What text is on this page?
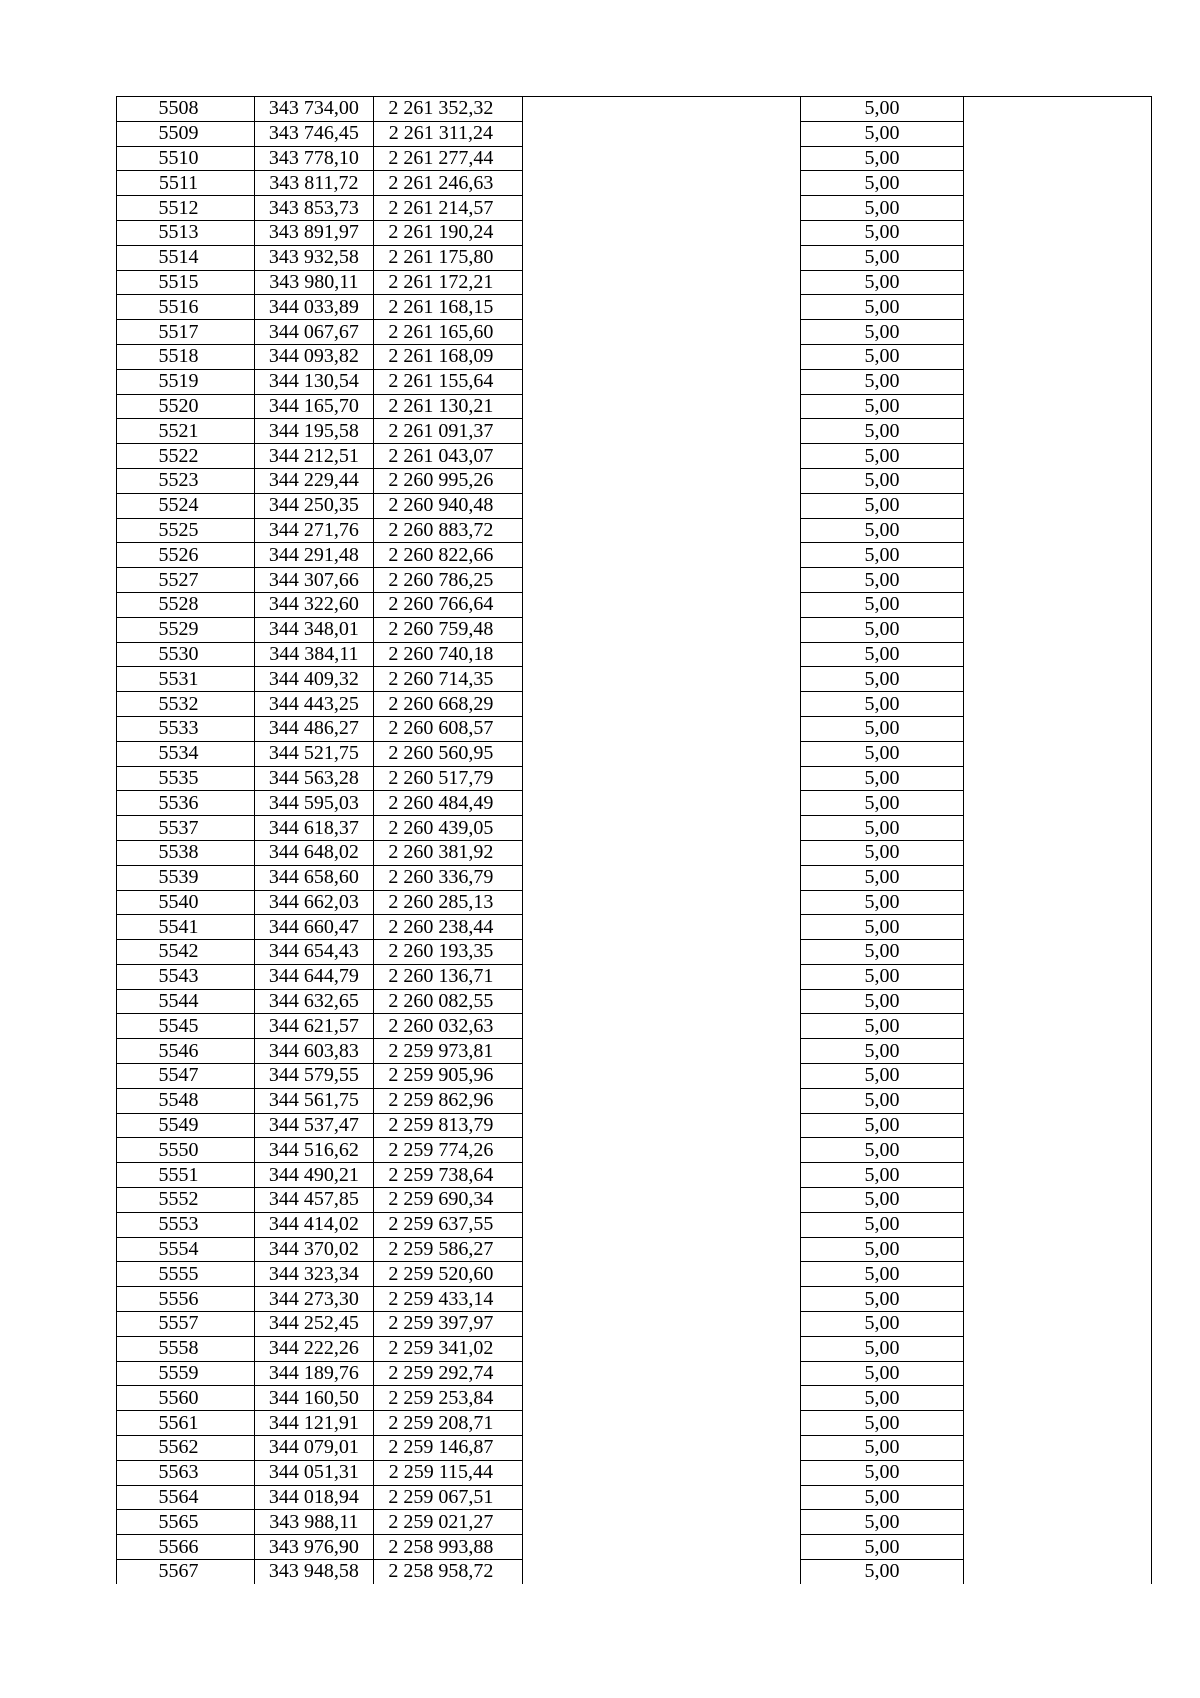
5508	343 734,00	2 261 352,32		5,00	
5509	343 746,45	2 261 311,24		5,00	
5510	343 778,10	2 261 277,44		5,00	
5511	343 811,72	2 261 246,63		5,00	
5512	343 853,73	2 261 214,57		5,00	
5513	343 891,97	2 261 190,24		5,00	
5514	343 932,58	2 261 175,80		5,00	
5515	343 980,11	2 261 172,21		5,00	
5516	344 033,89	2 261 168,15		5,00	
5517	344 067,67	2 261 165,60		5,00	
5518	344 093,82	2 261 168,09		5,00	
5519	344 130,54	2 261 155,64		5,00	
5520	344 165,70	2 261 130,21		5,00	
5521	344 195,58	2 261 091,37		5,00	
5522	344 212,51	2 261 043,07		5,00	
5523	344 229,44	2 260 995,26		5,00	
5524	344 250,35	2 260 940,48		5,00	
5525	344 271,76	2 260 883,72		5,00	
5526	344 291,48	2 260 822,66		5,00	
5527	344 307,66	2 260 786,25		5,00	
5528	344 322,60	2 260 766,64		5,00	
5529	344 348,01	2 260 759,48		5,00	
5530	344 384,11	2 260 740,18		5,00	
5531	344 409,32	2 260 714,35		5,00	
5532	344 443,25	2 260 668,29		5,00	
5533	344 486,27	2 260 608,57		5,00	
5534	344 521,75	2 260 560,95		5,00	
5535	344 563,28	2 260 517,79		5,00	
5536	344 595,03	2 260 484,49		5,00	
5537	344 618,37	2 260 439,05		5,00	
5538	344 648,02	2 260 381,92		5,00	
5539	344 658,60	2 260 336,79		5,00	
5540	344 662,03	2 260 285,13		5,00	
5541	344 660,47	2 260 238,44		5,00	
5542	344 654,43	2 260 193,35		5,00	
5543	344 644,79	2 260 136,71		5,00	
5544	344 632,65	2 260 082,55		5,00	
5545	344 621,57	2 260 032,63		5,00	
5546	344 603,83	2 259 973,81		5,00	
5547	344 579,55	2 259 905,96		5,00	
5548	344 561,75	2 259 862,96		5,00	
5549	344 537,47	2 259 813,79		5,00	
5550	344 516,62	2 259 774,26		5,00	
5551	344 490,21	2 259 738,64		5,00	
5552	344 457,85	2 259 690,34		5,00	
5553	344 414,02	2 259 637,55		5,00	
5554	344 370,02	2 259 586,27		5,00	
5555	344 323,34	2 259 520,60		5,00	
5556	344 273,30	2 259 433,14		5,00	
5557	344 252,45	2 259 397,97		5,00	
5558	344 222,26	2 259 341,02		5,00	
5559	344 189,76	2 259 292,74		5,00	
5560	344 160,50	2 259 253,84		5,00	
5561	344 121,91	2 259 208,71		5,00	
5562	344 079,01	2 259 146,87		5,00	
5563	344 051,31	2 259 115,44		5,00	
5564	344 018,94	2 259 067,51		5,00	
5565	343 988,11	2 259 021,27		5,00	
5566	343 976,90	2 258 993,88		5,00	
5567	343 948,58	2 258 958,72		5,00	
